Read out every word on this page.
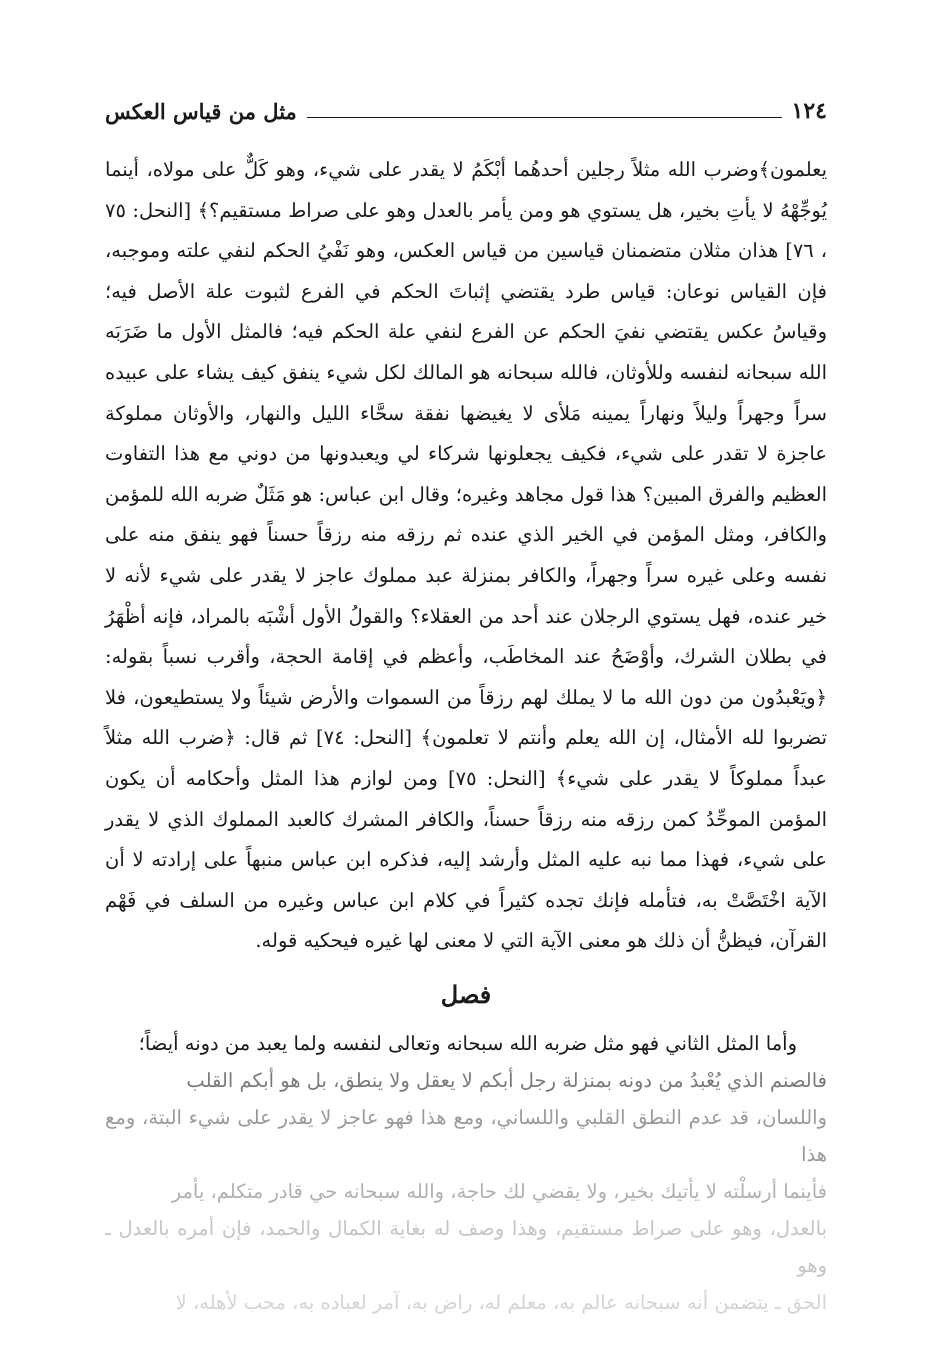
١٢٤
مثل من قياس العكس

يعلمون﴾وضرب الله مثلاً رجلين أحدهُما أبْكَمُ لا يقدر على شيء، وهو كَلٌّ على مولاه، أينما يُوجِّهْهُ لا يأتِ بخير، هل يستوي هو ومن يأمر بالعدل وهو على صراط مستقيم؟﴾ [النحل: ٧٥ ، ٧٦] هذان مثلان متضمنان قياسين من قياس العكس، وهو نَفْيُ الحكم لنفي علته وموجبه، فإن القياس نوعان: قياس طرد يقتضي إثباتَ الحكم في الفرع لثبوت علة الأصل فيه؛ وقياسُ عكس يقتضي نفيَ الحكم عن الفرع لنفي علة الحكم فيه؛ فالمثل الأول ما ضَرَبَه الله سبحانه لنفسه وللأوثان، فالله سبحانه هو المالك لكل شيء ينفق كيف يشاء على عبيده سراً وجهراً وليلاً ونهاراً يمينه مَلأى لا يغيضها نفقة سحَّاء الليل والنهار، والأوثان مملوكة عاجزة لا تقدر على شيء، فكيف يجعلونها شركاء لي ويعبدونها من دوني مع هذا التفاوت العظيم والفرق المبين؟ هذا قول مجاهد وغيره؛ وقال ابن عباس: هو مَثَلٌ ضربه الله للمؤمن والكافر، ومثل المؤمن في الخير الذي عنده ثم رزقه منه رزقاً حسناً فهو ينفق منه على نفسه وعلى غيره سراً وجهراً، والكافر بمنزلة عبد مملوك عاجز لا يقدر على شيء لأنه لا خير عنده، فهل يستوي الرجلان عند أحد من العقلاء؟ والقولُ الأول أشْبَه بالمراد، فإنه أظْهَرُ في بطلان الشرك، وأوْضَحُ عند المخاطَب، وأعظم في إقامة الحجة، وأقرب نسباً بقوله: ﴿ويَعْبدُون من دون الله ما لا يملك لهم رزقاً من السموات والأرض شيئاً ولا يستطيعون، فلا تضربوا لله الأمثال، إن الله يعلم وأنتم لا تعلمون﴾ [النحل: ٧٤] ثم قال: ﴿ضرب الله مثلاً عبداً مملوكاً لا يقدر على شيء﴾ [النحل: ٧٥] ومن لوازم هذا المثل وأحكامه أن يكون المؤمن الموحِّدُ كمن رزقه منه رزقاً حسناً، والكافر المشرك كالعبد المملوك الذي لا يقدر على شيء، فهذا مما نبه عليه المثل وأرشد إليه، فذكره ابن عباس منبهاً على إرادته لا أن الآية اخْتَصَّتْ به، فتأمله فإنك تجده كثيراً في كلام ابن عباس وغيره من السلف في فَهْم القرآن، فيظنُّ أن ذلك هو معنى الآية التي لا معنى لها غيره فيحكيه قوله.

فصل

وأما المثل الثاني فهو مثل ضربه الله سبحانه وتعالى لنفسه ولما يعبد من دونه أيضاً؛

فالصنم الذي يُعْبدُ من دونه بمنزلة رجل أبكم لا يعقل ولا ينطق، بل هو أبكم القلب

واللسان، قد عدم النطق القلبي واللساني، ومع هذا فهو عاجز لا يقدر على شيء البتة، ومع هذا

فأينما أرسلْته لا يأتيك بخير، ولا يقضي لك حاجة، والله سبحانه حي قادر متكلم، يأمر

بالعدل، وهو على صراط مستقيم، وهذا وصف له بغاية الكمال والحمد، فإن أمره بالعدل ـ وهو

الحق ـ يتضمن أنه سبحانه عالم به، معلم له، راض به، آمر لعباده به، محب لأهله، لا
